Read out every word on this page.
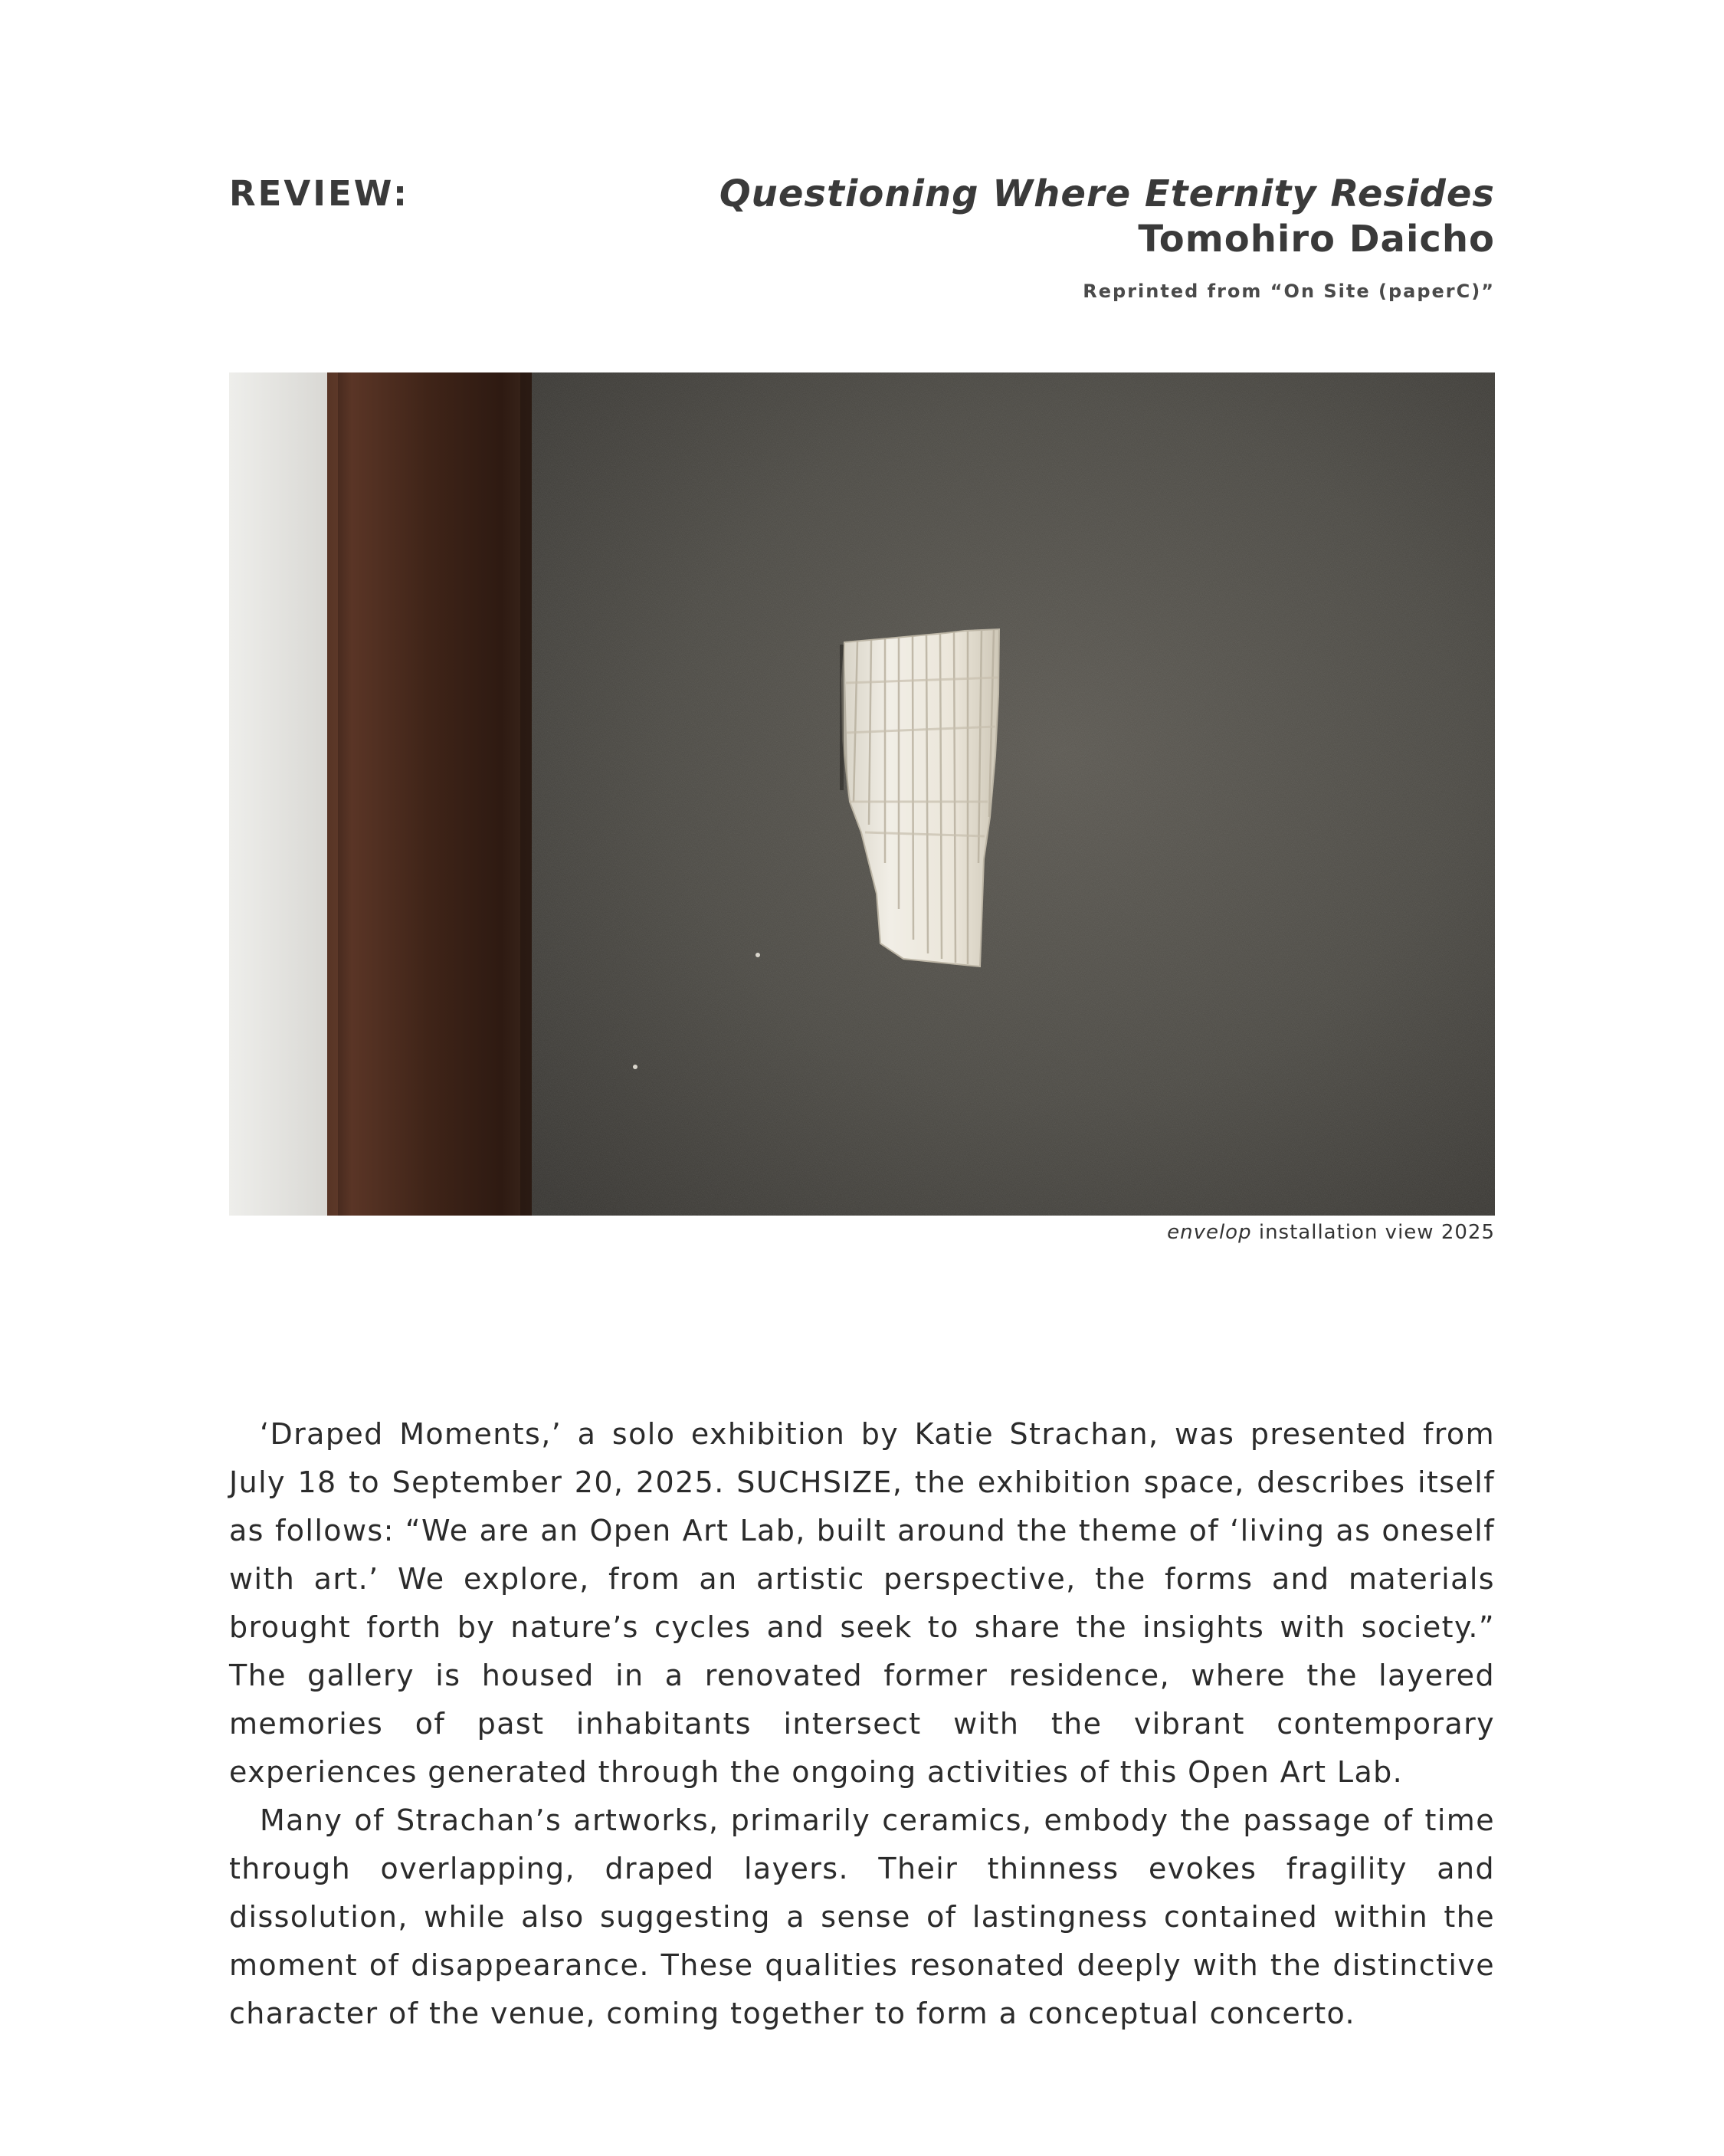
REVIEW:	Questioning Where Eternity Resides
Tomohiro Daicho
Reprinted from “On Site (paperC)”
envelop installation view 2025

‘Draped Moments,’ a solo exhibition by Katie Strachan, was presented from July 18 to September 20, 2025. SUCHSIZE, the exhibition space, describes itself as follows: “We are an Open Art Lab, built around the theme of ‘living as oneself with art.’ We explore, from an artistic perspective, the forms and materials brought forth by nature’s cycles and seek to share the insights with society.” The gallery is housed in a renovated former residence, where the layered memories of past inhabitants intersect with the vibrant contemporary experiences generated through the ongoing activities of this Open Art Lab.

Many of Strachan’s artworks, primarily ceramics, embody the passage of time through overlapping, draped layers. Their thinness evokes fragility and dissolution, while also suggesting a sense of lastingness contained within the moment of disappearance. These qualities resonated deeply with the distinctive character of the venue, coming together to form a conceptual concerto.
